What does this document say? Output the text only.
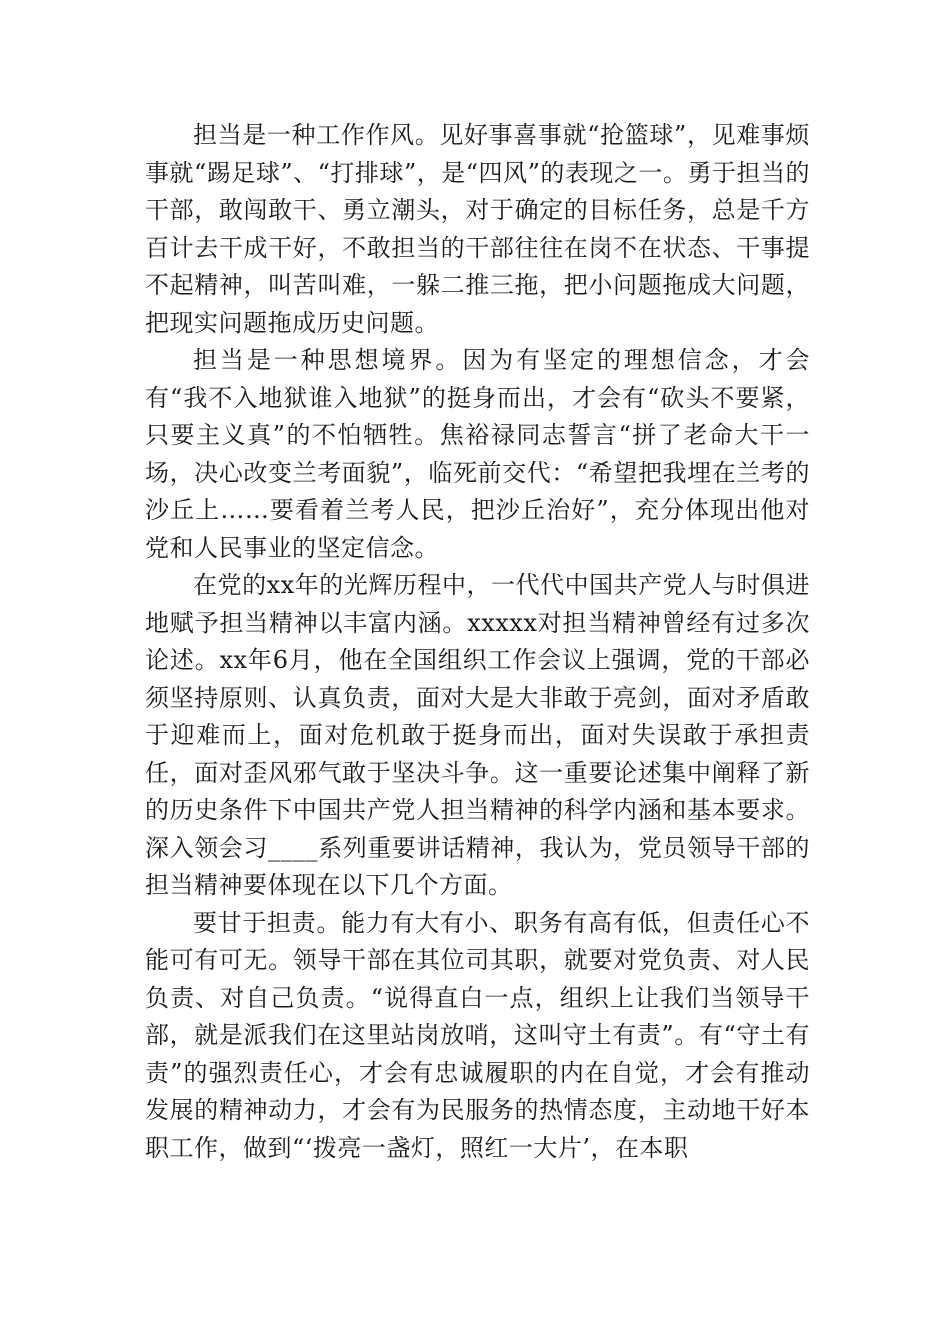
担当是一种工作作风。见好事喜事就“抢篮球”，见难事烦事就“踢足球”、“打排球”，是“四风”的表现之一。勇于担当的干部，敢闯敢干、勇立潮头，对于确定的目标任务，总是千方百计去干成干好，不敢担当的干部往往在岗不在状态、干事提不起精神，叫苦叫难，一躲二推三拖，把小问题拖成大问题，把现实问题拖成历史问题。

担当是一种思想境界。因为有坚定的理想信念，才会有“我不入地狱谁入地狱”的挺身而出，才会有“砍头不要紧，只要主义真”的不怕牺牲。焦裕禄同志誓言“拼了老命大干一场，决心改变兰考面貌”，临死前交代：“希望把我埋在兰考的沙丘上……要看着兰考人民，把沙丘治好”，充分体现出他对党和人民事业的坚定信念。

在党的xx年的光辉历程中，一代代中国共产党人与时俱进地赋予担当精神以丰富内涵。xxxxx对担当精神曾经有过多次论述。xx年6月，他在全国组织工作会议上强调，党的干部必须坚持原则、认真负责，面对大是大非敢于亮剑，面对矛盾敢于迎难而上，面对危机敢于挺身而出，面对失误敢于承担责任，面对歪风邪气敢于坚决斗争。这一重要论述集中阐释了新的历史条件下中国共产党人担当精神的科学内涵和基本要求。深入领会习____系列重要讲话精神，我认为，党员领导干部的担当精神要体现在以下几个方面。

要甘于担责。能力有大有小、职务有高有低，但责任心不能可有可无。领导干部在其位司其职，就要对党负责、对人民负责、对自己负责。“说得直白一点，组织上让我们当领导干部，就是派我们在这里站岗放哨，这叫守土有责”。有“守土有责”的强烈责任心，才会有忠诚履职的内在自觉，才会有推动发展的精神动力，才会有为民服务的热情态度，主动地干好本职工作，做到“‘拨亮一盏灯，照红一大片’，在本职
